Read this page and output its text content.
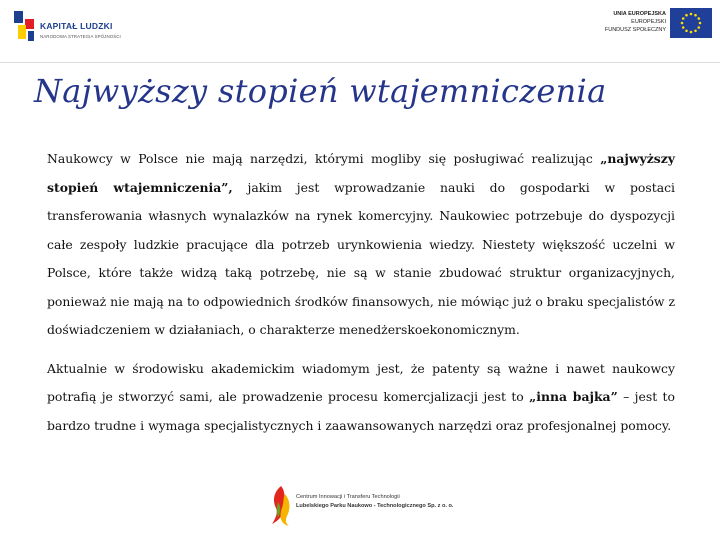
KAPITAŁ LUDZKI
NARODOWA STRATEGIA SPÓJNOŚCI
UNIA EUROPEJSKA
EUROPEJSKI
FUNDUSZ SPOŁECZNY
Najwyższy stopień wtajemniczenia

Naukowcy w Polsce nie mają narzędzi, którymi mogliby się posługiwać realizując „najwyższy stopień wtajemniczenia”, jakim jest wprowadzanie nauki do gospodarki w postaci transferowania własnych wynalazków na rynek komercyjny. Naukowiec potrzebuje do dyspozycji całe zespoły ludzkie pracujące dla potrzeb urynkowienia wiedzy. Niestety większość uczelni w Polsce, które także widzą taką potrzebę, nie są w stanie zbudować struktur organizacyjnych, ponieważ nie mają na to odpowiednich środków finansowych, nie mówiąc już o braku specjalistów z doświadczeniem w działaniach, o charakterze menedżerskoekonomicznym.

Aktualnie w środowisku akademickim wiadomym jest, że patenty są ważne i nawet naukowcy potrafią je stworzyć sami, ale prowadzenie procesu komercjalizacji jest to „inna bajka” – jest to bardzo trudne i wymaga specjalistycznych i zaawansowanych narzędzi oraz profesjonalnej pomocy.

Centrum Innowacji i Transferu Technologii
Lubelskiego Parku Naukowo - Technologicznego Sp. z o. o.
